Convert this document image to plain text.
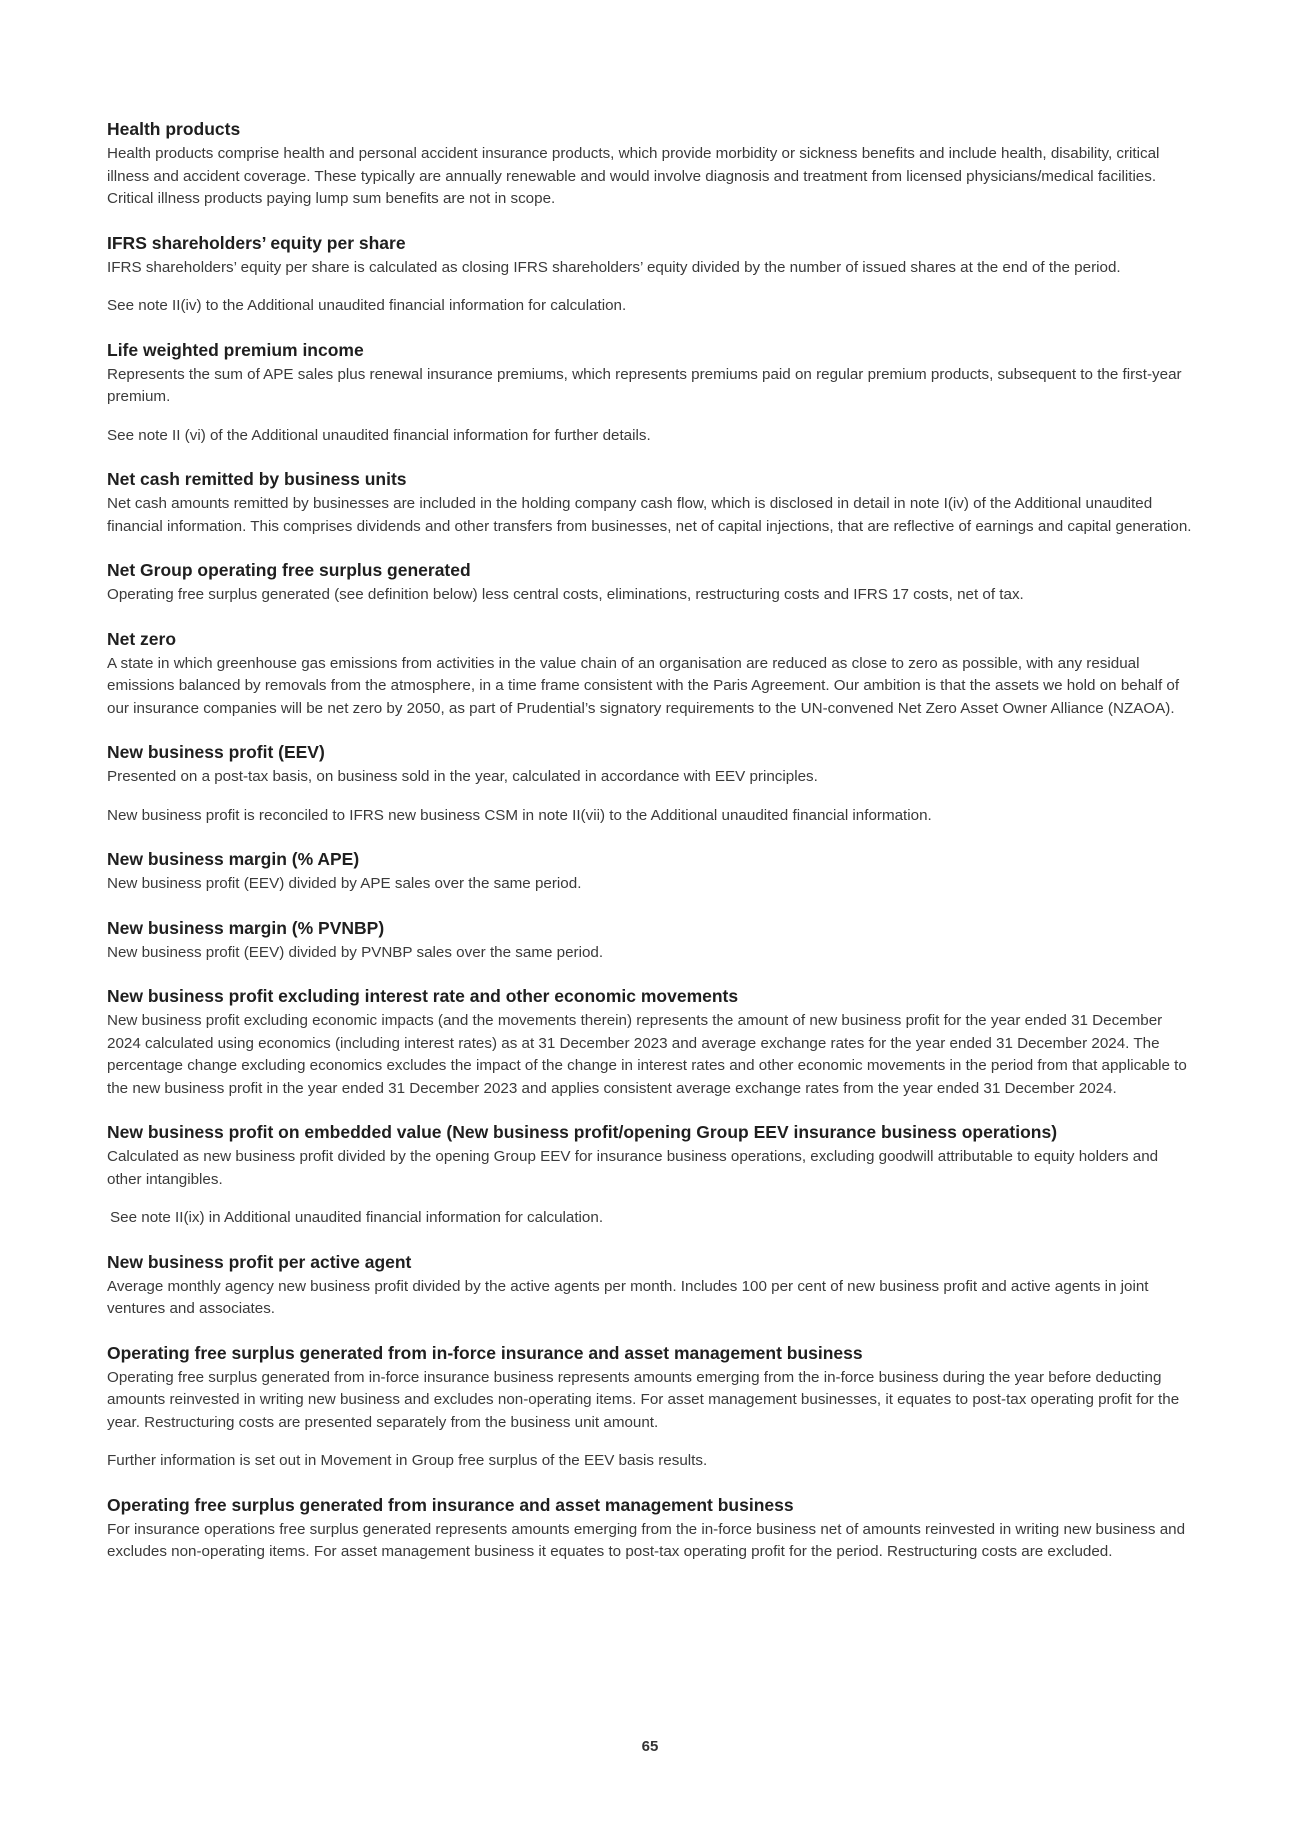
Health products

Health products comprise health and personal accident insurance products, which provide morbidity or sickness benefits and include health, disability, critical illness and accident coverage. These typically are annually renewable and would involve diagnosis and treatment from licensed physicians/medical facilities. Critical illness products paying lump sum benefits are not in scope.

IFRS shareholders’ equity per share

IFRS shareholders’ equity per share is calculated as closing IFRS shareholders’ equity divided by the number of issued shares at the end of the period.

See note II(iv) to the Additional unaudited financial information for calculation.

Life weighted premium income

Represents the sum of APE sales plus renewal insurance premiums, which represents premiums paid on regular premium products, subsequent to the first-year premium.

See note II (vi) of the Additional unaudited financial information for further details.

Net cash remitted by business units

Net cash amounts remitted by businesses are included in the holding company cash flow, which is disclosed in detail in note I(iv) of the Additional unaudited financial information. This comprises dividends and other transfers from businesses, net of capital injections, that are reflective of earnings and capital generation.

Net Group operating free surplus generated

Operating free surplus generated (see definition below) less central costs, eliminations, restructuring costs and IFRS 17 costs, net of tax.

Net zero

A state in which greenhouse gas emissions from activities in the value chain of an organisation are reduced as close to zero as possible, with any residual emissions balanced by removals from the atmosphere, in a time frame consistent with the Paris Agreement. Our ambition is that the assets we hold on behalf of our insurance companies will be net zero by 2050, as part of Prudential’s signatory requirements to the UN-convened Net Zero Asset Owner Alliance (NZAOA).

New business profit (EEV)

Presented on a post-tax basis, on business sold in the year, calculated in accordance with EEV principles.

New business profit is reconciled to IFRS new business CSM in note II(vii) to the Additional unaudited financial information.

New business margin (% APE)

New business profit (EEV) divided by APE sales over the same period.

New business margin (% PVNBP)

New business profit (EEV) divided by PVNBP sales over the same period.

New business profit excluding interest rate and other economic movements

New business profit excluding economic impacts (and the movements therein) represents the amount of new business profit for the year ended 31 December 2024 calculated using economics (including interest rates) as at 31 December 2023 and average exchange rates for the year ended 31 December 2024. The percentage change excluding economics excludes the impact of the change in interest rates and other economic movements in the period from that applicable to the new business profit in the year ended 31 December 2023 and applies consistent average exchange rates from the year ended 31 December 2024.

New business profit on embedded value (New business profit/opening Group EEV insurance business operations)

Calculated as new business profit divided by the opening Group EEV for insurance business operations, excluding goodwill attributable to equity holders and other intangibles.

See note II(ix) in Additional unaudited financial information for calculation.

New business profit per active agent

Average monthly agency new business profit divided by the active agents per month. Includes 100 per cent of new business profit and active agents in joint ventures and associates.

Operating free surplus generated from in-force insurance and asset management business

Operating free surplus generated from in-force insurance business represents amounts emerging from the in-force business during the year before deducting amounts reinvested in writing new business and excludes non-operating items. For asset management businesses, it equates to post-tax operating profit for the year. Restructuring costs are presented separately from the business unit amount.

Further information is set out in Movement in Group free surplus of the EEV basis results.

Operating free surplus generated from insurance and asset management business

For insurance operations free surplus generated represents amounts emerging from the in-force business net of amounts reinvested in writing new business and excludes non-operating items. For asset management business it equates to post-tax operating profit for the period. Restructuring costs are excluded.

65
